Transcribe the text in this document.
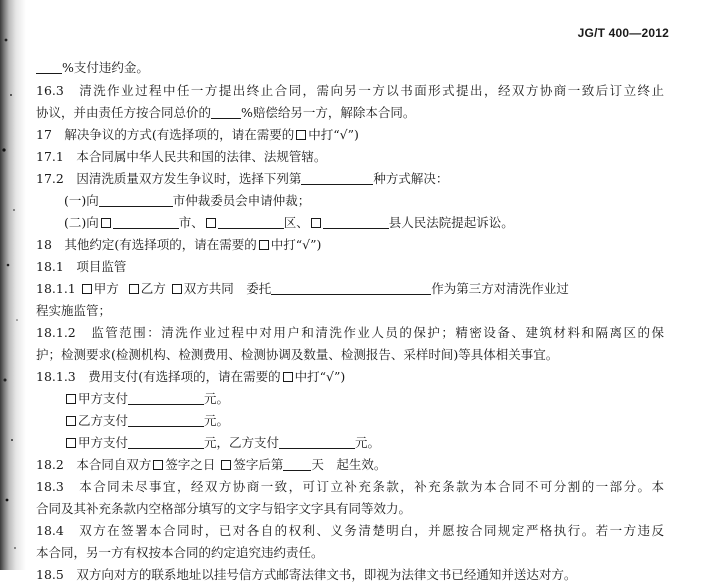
JG/T 400—2012
%支付违约金。
16.3　清洗作业过程中任一方提出终止合同，需向另一方以书面形式提出，经双方协商一致后订立终止
协议，并由责任方按合同总价的 %赔偿给另一方，解除本合同。
17　解决争议的方式(有选择项的，请在需要的 中打“√”)
17.1　本合同属中华人民共和国的法律、法规管辖。
17.2　因清洗质量双方发生争议时，选择下列第	种方式解决：
(一)向	市仲裁委员会申请仲裁；
(二)向	市、	区、	县人民法院提起诉讼。
18　其他约定(有选择项的，请在需要的 中打“√”)
18.1　项目监管
18.1.1 甲方 乙方 双方共同　委托	作为第三方对清洗作业过
程实施监管；
18.1.2　监管范围：清洗作业过程中对用户和清洗作业人员的保护；精密设备、建筑材料和隔离区的保
护；检测要求(检测机构、检测费用、检测协调及数量、检测报告、采样时间)等具体相关事宜。
18.1.3　费用支付(有选择项的，请在需要的 中打“√”)
甲方支付	元。
乙方支付	元。
甲方支付	元，乙方支付	元。
18.2　本合同自双方 签字之日 签字后第 天　起生效。
18.3　本合同未尽事宜，经双方协商一致，可订立补充条款，补充条款为本合同不可分割的一部分。本
合同及其补充条款内空格部分填写的文字与铅字文字具有同等效力。
18.4　双方在签署本合同时，已对各自的权利、义务清楚明白，并愿按合同规定严格执行。若一方违反
本合同，另一方有权按本合同的约定追究违约责任。
18.5　双方向对方的联系地址以挂号信方式邮寄法律文书，即视为法律文书已经通知并送达对方。
